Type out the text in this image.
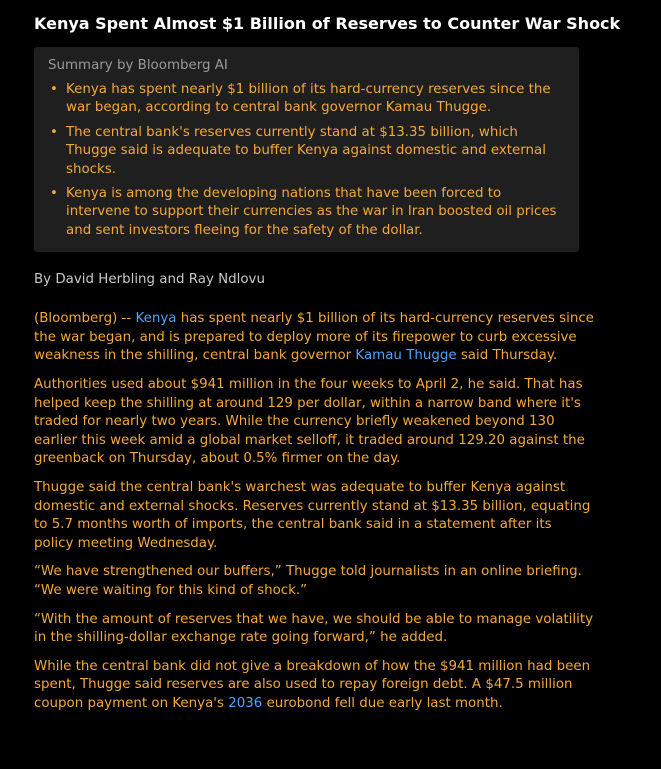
Kenya Spent Almost $1 Billion of Reserves to Counter War Shock
Summary by Bloomberg AI
• Kenya has spent nearly $1 billion of its hard-currency reserves since the war began, according to central bank governor Kamau Thugge.
• The central bank's reserves currently stand at $13.35 billion, which Thugge said is adequate to buffer Kenya against domestic and external shocks.
• Kenya is among the developing nations that have been forced to intervene to support their currencies as the war in Iran boosted oil prices and sent investors fleeing for the safety of the dollar.
By David Herbling and Ray Ndlovu

(Bloomberg) -- Kenya has spent nearly $1 billion of its hard-currency reserves since the war began, and is prepared to deploy more of its firepower to curb excessive weakness in the shilling, central bank governor Kamau Thugge said Thursday.

Authorities used about $941 million in the four weeks to April 2, he said. That has helped keep the shilling at around 129 per dollar, within a narrow band where it's traded for nearly two years. While the currency briefly weakened beyond 130 earlier this week amid a global market selloff, it traded around 129.20 against the greenback on Thursday, about 0.5% firmer on the day.

Thugge said the central bank's warchest was adequate to buffer Kenya against domestic and external shocks. Reserves currently stand at $13.35 billion, equating to 5.7 months worth of imports, the central bank said in a statement after its policy meeting Wednesday.

“We have strengthened our buffers,” Thugge told journalists in an online briefing. “We were waiting for this kind of shock.”

“With the amount of reserves that we have, we should be able to manage volatility in the shilling-dollar exchange rate going forward,” he added.

While the central bank did not give a breakdown of how the $941 million had been spent, Thugge said reserves are also used to repay foreign debt. A $47.5 million coupon payment on Kenya's 2036 eurobond fell due early last month.
